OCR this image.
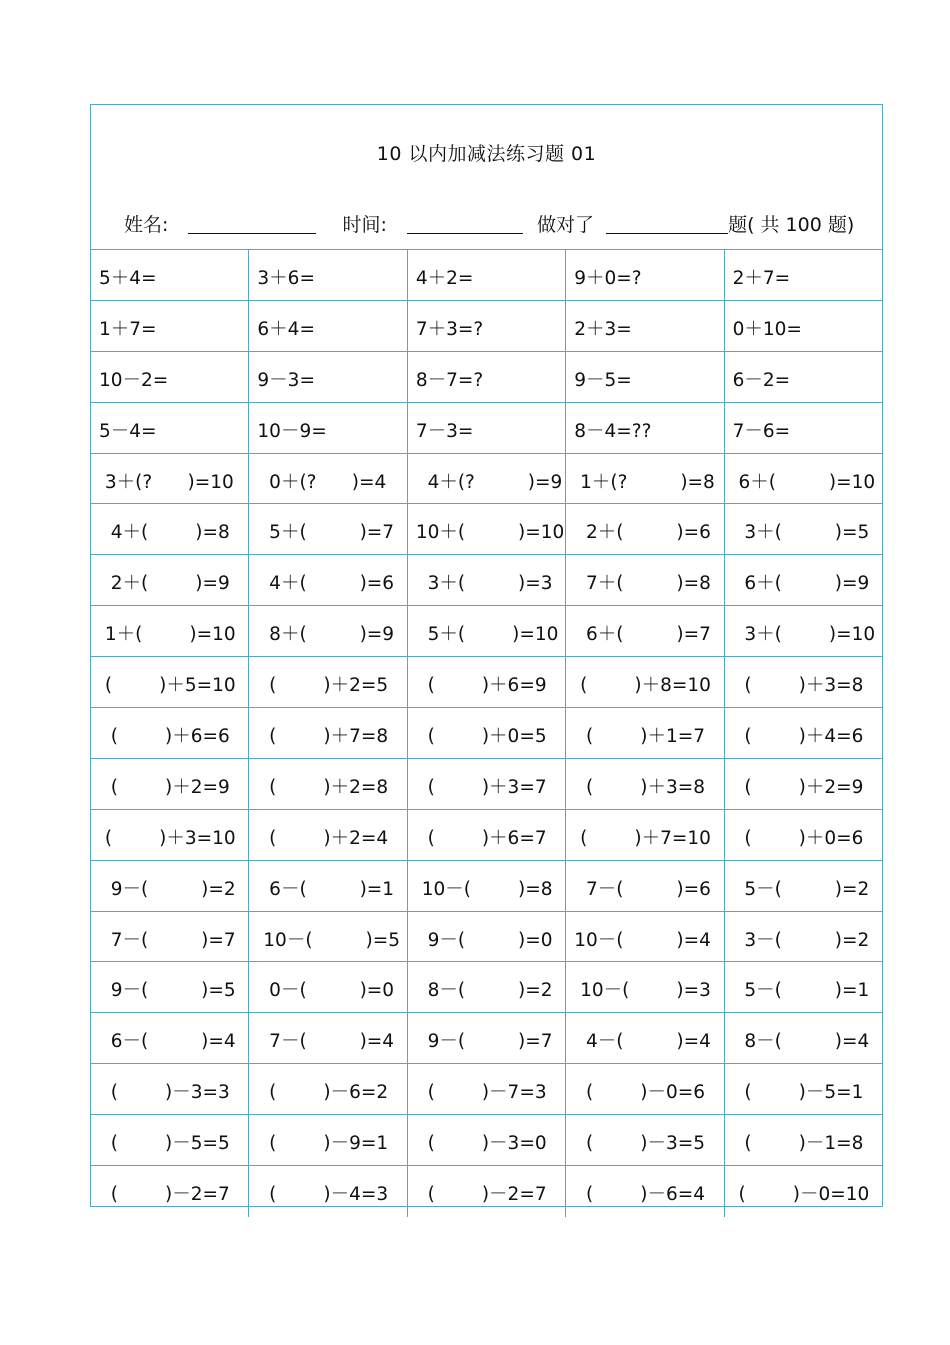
10 以内加减法练习题 01
姓名:	时间:	做对了	题( 共 100 题)
5＋4=	3＋6=	4＋2=	9＋0=?	2＋7=
1＋7=	6＋4=	7＋3=?	2＋3=	0＋10=
10－2=	9－3=	8－7=?	9－5=	6－2=
5－4=	10－9=	7－3=	8－4=??	7－6=
3＋(?      )=10 0＋(?      )=4 4＋(?         )=9 1＋(?         )=8 6＋(         )=10
4＋(        )=8 5＋(         )=7 10＋(         )=10 2＋(         )=6 3＋(         )=5
2＋(        )=9 4＋(         )=6 3＋(         )=3 7＋(         )=8 6＋(         )=9
1＋(        )=10 8＋(         )=9 5＋(        )=10 6＋(         )=7 3＋(        )=10
(        )＋5=10 (        )＋2=5 (        )＋6=9 (        )＋8=10 (        )＋3=8
(        )＋6=6 (        )＋7=8 (        )＋0=5 (        )＋1=7 (        )＋4=6
(        )＋2=9 (        )＋2=8 (        )＋3=7 (        )＋3=8 (        )＋2=9
(        )＋3=10 (        )＋2=4 (        )＋6=7 (        )＋7=10 (        )＋0=6
9－(         )=2 6－(         )=1 10－(        )=8 7－(         )=6 5－(         )=2
7－(         )=7 10－(         )=5 9－(         )=0 10－(         )=4 3－(         )=2
9－(         )=5 0－(         )=0 8－(         )=2 10－(        )=3 5－(         )=1
6－(         )=4 7－(         )=4 9－(         )=7 4－(         )=4 8－(         )=4
(        )－3=3 (        )－6=2 (        )－7=3 (        )－0=6 (        )－5=1
(        )－5=5 (        )－9=1 (        )－3=0 (        )－3=5 (        )－1=8
(        )－2=7 (        )－4=3 (        )－2=7 (        )－6=4 (        )－0=10
